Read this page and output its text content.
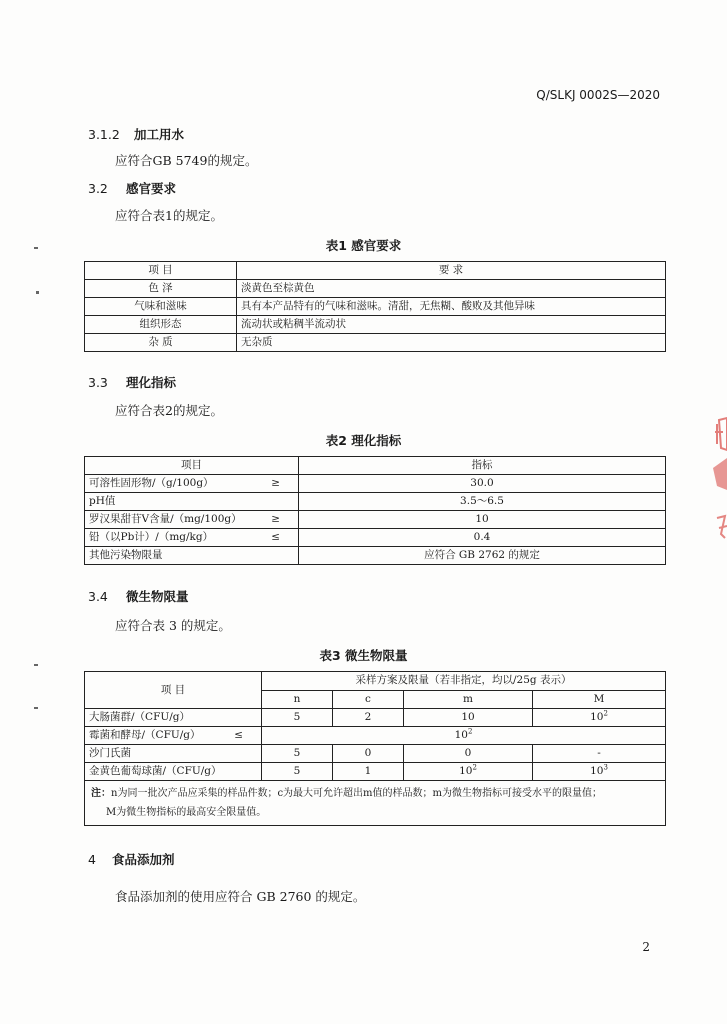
Q/SLKJ 0002S—2020
3.1.2 加工用水
应符合GB 5749的规定。
3.2 感官要求
应符合表1的规定。
表1 感官要求
项 目	要 求
色 泽	淡黄色至棕黄色
气味和滋味	具有本产品特有的气味和滋味。清甜，无焦糊、酸败及其他异味
组织形态	流动状或粘稠半流动状
杂 质	无杂质
3.3 理化指标
应符合表2的规定。
表2 理化指标
项目	指标
可溶性固形物/（g/100g） ≥	30.0
pH值	3.5～6.5
罗汉果甜苷V含量/（mg/100g） ≥	10
铅（以Pb计）/（mg/kg） ≤	0.4
其他污染物限量	应符合 GB 2762 的规定
3.4 微生物限量
应符合表 3 的规定。
表3 微生物限量
项 目	采样方案及限量（若非指定，均以/25g 表示）			
	n	c	m	M
大肠菌群/（CFU/g）	5	2	10	$10^2$
霉菌和酵母/（CFU/g） ≤	$10^2$
沙门氏菌	5	0	0	-
金黄色葡萄球菌/（CFU/g）	5	1	$10^2$	$10^3$
注：n为同一批次产品应采集的样品件数；c为最大可允许超出m值的样品数；m为微生物指标可接受水平的限量值；
M为微生物指标的最高安全限量值。				
4 食品添加剂
食品添加剂的使用应符合 GB 2760 的规定。
2
